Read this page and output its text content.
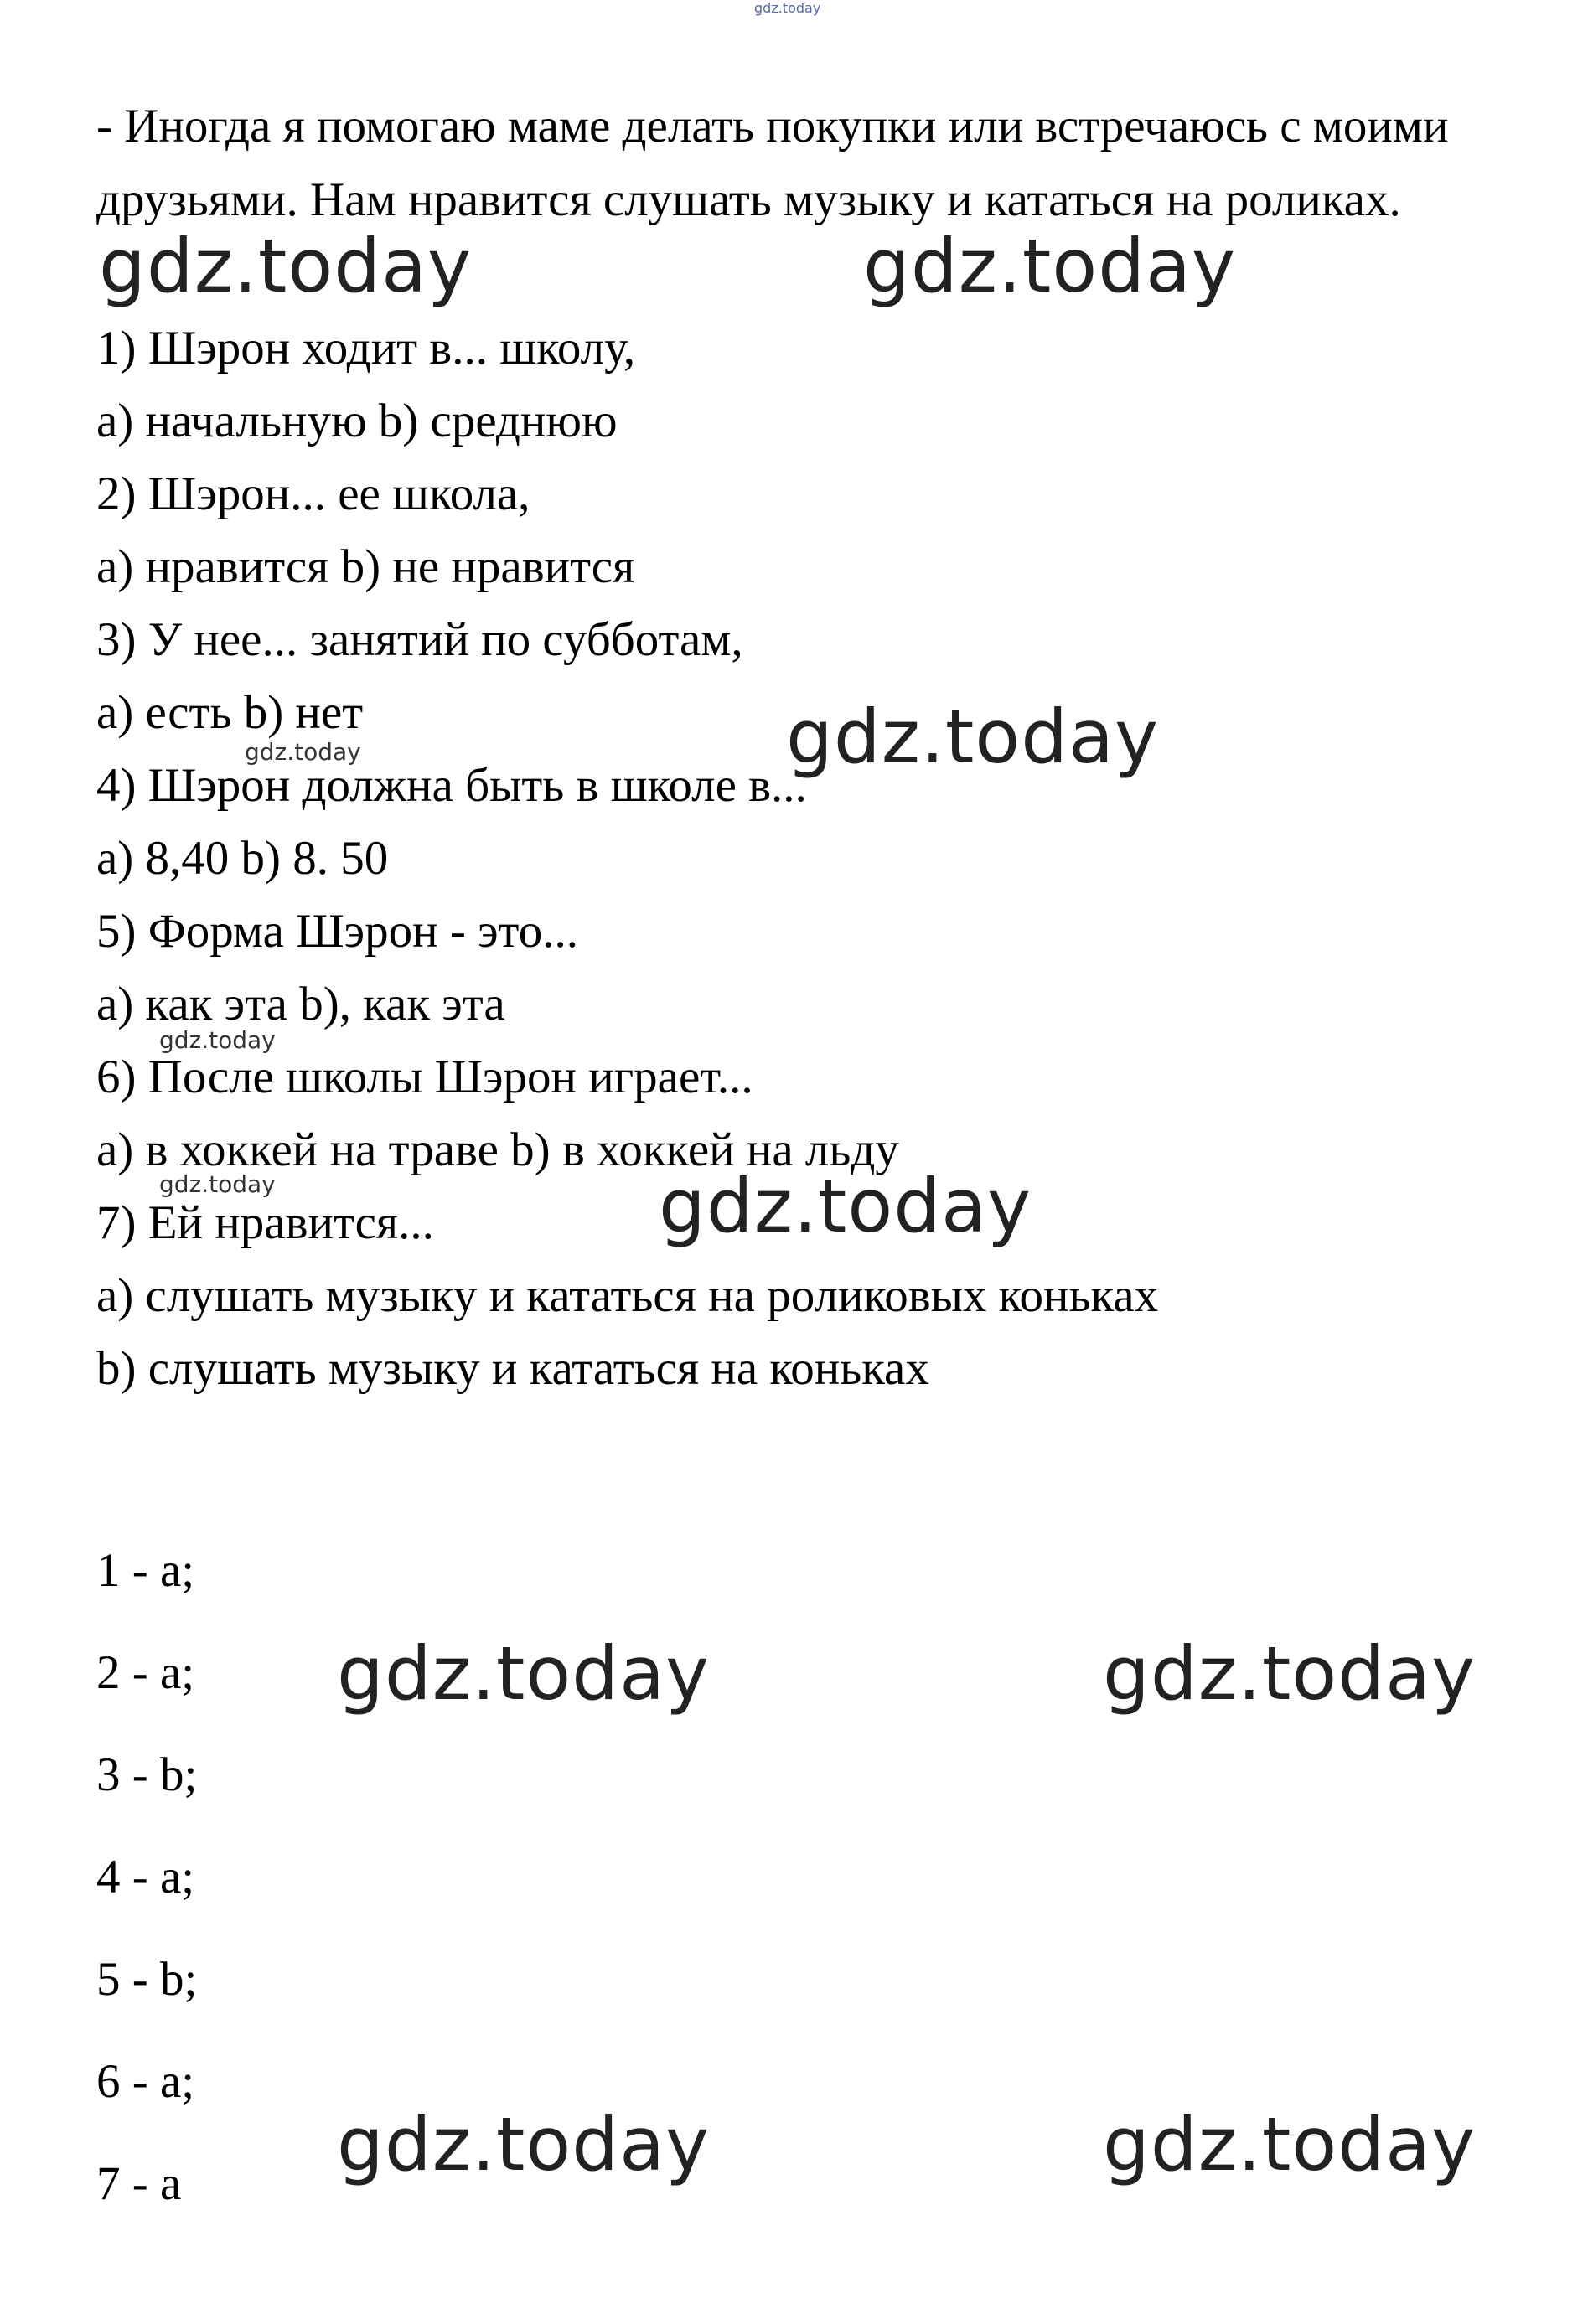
gdz.today
- Иногда я помогаю маме делать покупки или встречаюсь с моими
друзьями. Нам нравится слушать музыку и кататься на роликах.
gdz.today	gdz.today
1) Шэрон ходит в... школу,
а) начальную b) среднюю
2) Шэрон... ее школа,
а) нравится b) не нравится
3) У нее... занятий по субботам,
а) есть b) нет	gdz.today
gdz.today
4) Шэрон должна быть в школе в...
а) 8,40 b) 8. 50
5) Форма Шэрон - это...
а) как эта b), как эта
gdz.today
6) После школы Шэрон играет...
а) в хоккей на траве b) в хоккей на льду
gdz.today	gdz.today
7) Ей нравится...
а) слушать музыку и кататься на роликовых коньках
b) слушать музыку и кататься на коньках
1 - а;
2 - а; gdz.today	gdz.today
3 - b;
4 - а;
5 - b;
6 - а;
gdz.today	gdz.today
7 - а
